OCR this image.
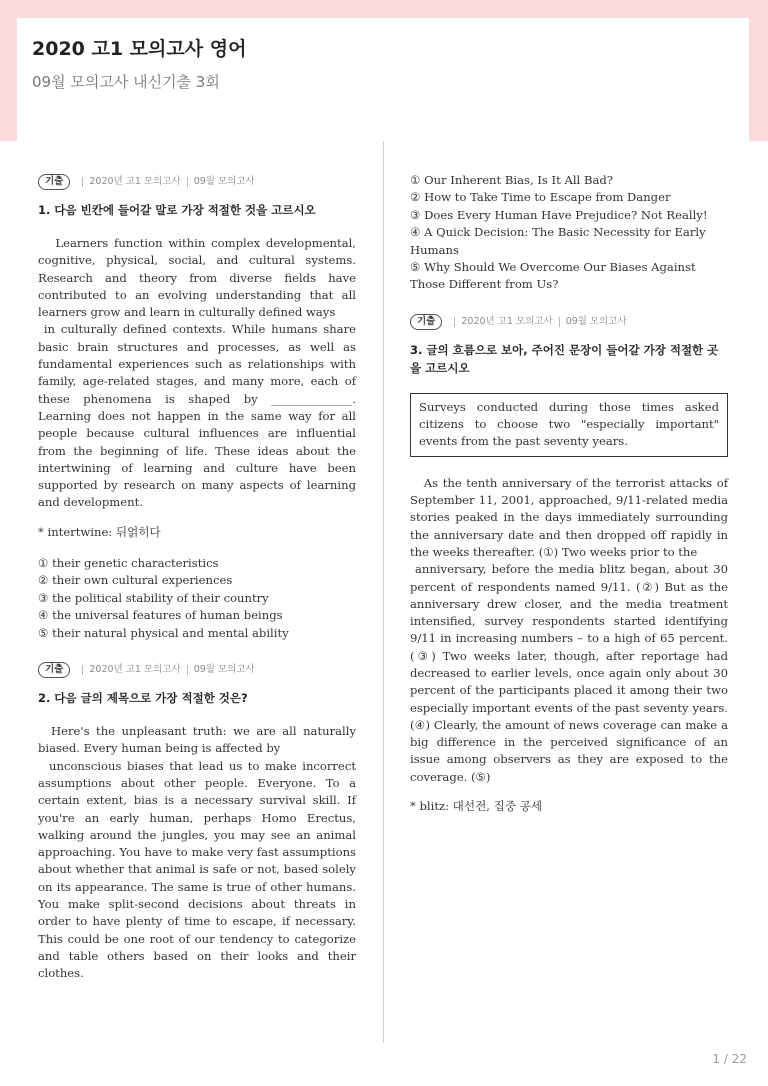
2020 고1 모의고사 영어

09월 모의고사 내신기출 3회

기출	2020년 고1 모의고사 09월 모의고사
1. 다음 빈칸에 들어갈 말로 가장 적절한 것을 고르시오

Learners function within complex developmental, cognitive, physical, social, and cultural systems. Research and theory from diverse fields have contributed to an evolving understanding that all learners grow and learn in culturally defined ways
in culturally defined contexts. While humans share basic brain structures and processes, as well as fundamental experiences such as relationships with family, age-related stages, and many more, each of these phenomena is shaped by ______________. Learning does not happen in the same way for all people because cultural influences are influential from the beginning of life. These ideas about the intertwining of learning and culture have been supported by research on many aspects of learning and development.

* intertwine: 뒤얽히다
① their genetic characteristics
② their own cultural experiences
③ the political stability of their country
④ the universal features of human beings
⑤ their natural physical and mental ability
기출	2020년 고1 모의고사 09월 모의고사
2. 다음 글의 제목으로 가장 적절한 것은?

Here's the unpleasant truth: we are all naturally biased. Every human being is affected by
unconscious biases that lead us to make incorrect assumptions about other people. Everyone. To a certain extent, bias is a necessary survival skill. If you're an early human, perhaps Homo Erectus, walking around the jungles, you may see an animal approaching. You have to make very fast assumptions about whether that animal is safe or not, based solely on its appearance. The same is true of other humans. You make split-second decisions about threats in order to have plenty of time to escape, if necessary. This could be one root of our tendency to categorize and table others based on their looks and their clothes.

① Our Inherent Bias, Is It All Bad?
② How to Take Time to Escape from Danger
③ Does Every Human Have Prejudice? Not Really!
④ A Quick Decision: The Basic Necessity for Early Humans
⑤ Why Should We Overcome Our Biases Against Those Different from Us?
기출	2020년 고1 모의고사 09월 모의고사
3. 글의 흐름으로 보아, 주어진 문장이 들어갈 가장 적절한 곳을 고르시오
Surveys conducted during those times asked citizens to choose two "especially important" events from the past seventy years.

As the tenth anniversary of the terrorist attacks of September 11, 2001, approached, 9/11-related media stories peaked in the days immediately surrounding the anniversary date and then dropped off rapidly in the weeks thereafter. (①) Two weeks prior to the
anniversary, before the media blitz began, about 30 percent of respondents named 9/11. (②) But as the anniversary drew closer, and the media treatment intensified, survey respondents started identifying 9/11 in increasing numbers – to a high of 65 percent. (③) Two weeks later, though, after reportage had decreased to earlier levels, once again only about 30 percent of the participants placed it among their two especially important events of the past seventy years. (④) Clearly, the amount of news coverage can make a big difference in the perceived significance of an issue among observers as they are exposed to the coverage. (⑤)

* blitz: 대선전, 집중 공세
1 / 22
